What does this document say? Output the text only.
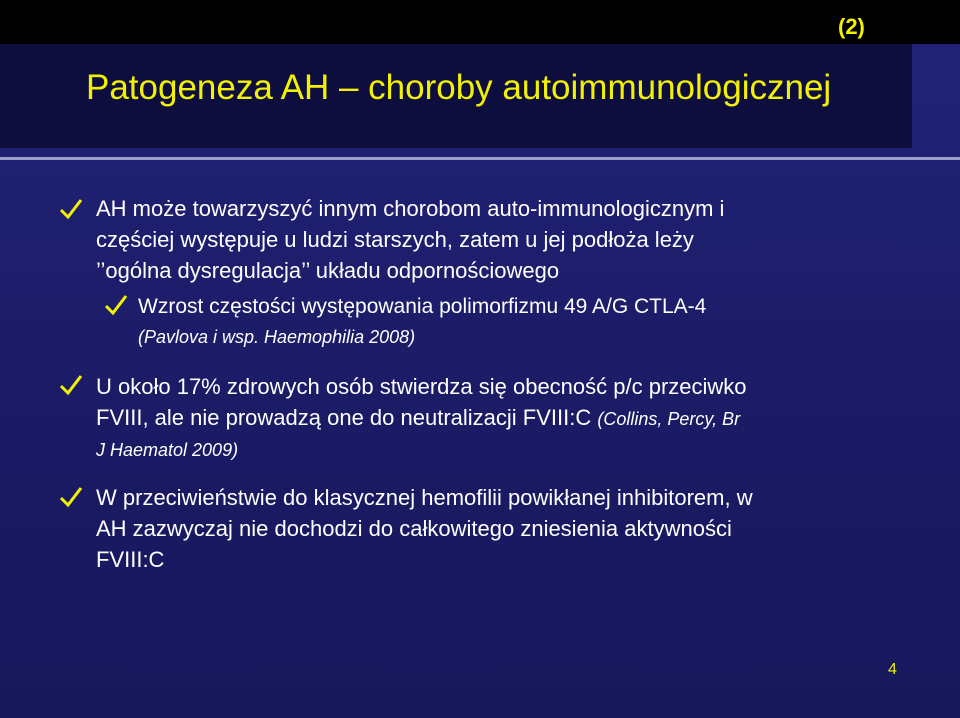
(2)
Patogeneza AH – choroby autoimmunologicznej
AH może towarzyszyć innym chorobom auto-immunologicznym i
częściej występuje u ludzi starszych, zatem u jej podłoża leży
’’ogólna dysregulacja’’ układu odpornościowego
Wzrost częstości występowania polimorfizmu 49 A/G CTLA-4
(Pavlova i wsp. Haemophilia 2008)
U około 17% zdrowych osób stwierdza się obecność p/c przeciwko
FVIII, ale nie prowadzą one do neutralizacji FVIII:C (Collins, Percy, Br
J Haematol 2009)
W przeciwieństwie do klasycznej hemofilii powikłanej inhibitorem, w
AH zazwyczaj nie dochodzi do całkowitego zniesienia aktywności
FVIII:C
4
